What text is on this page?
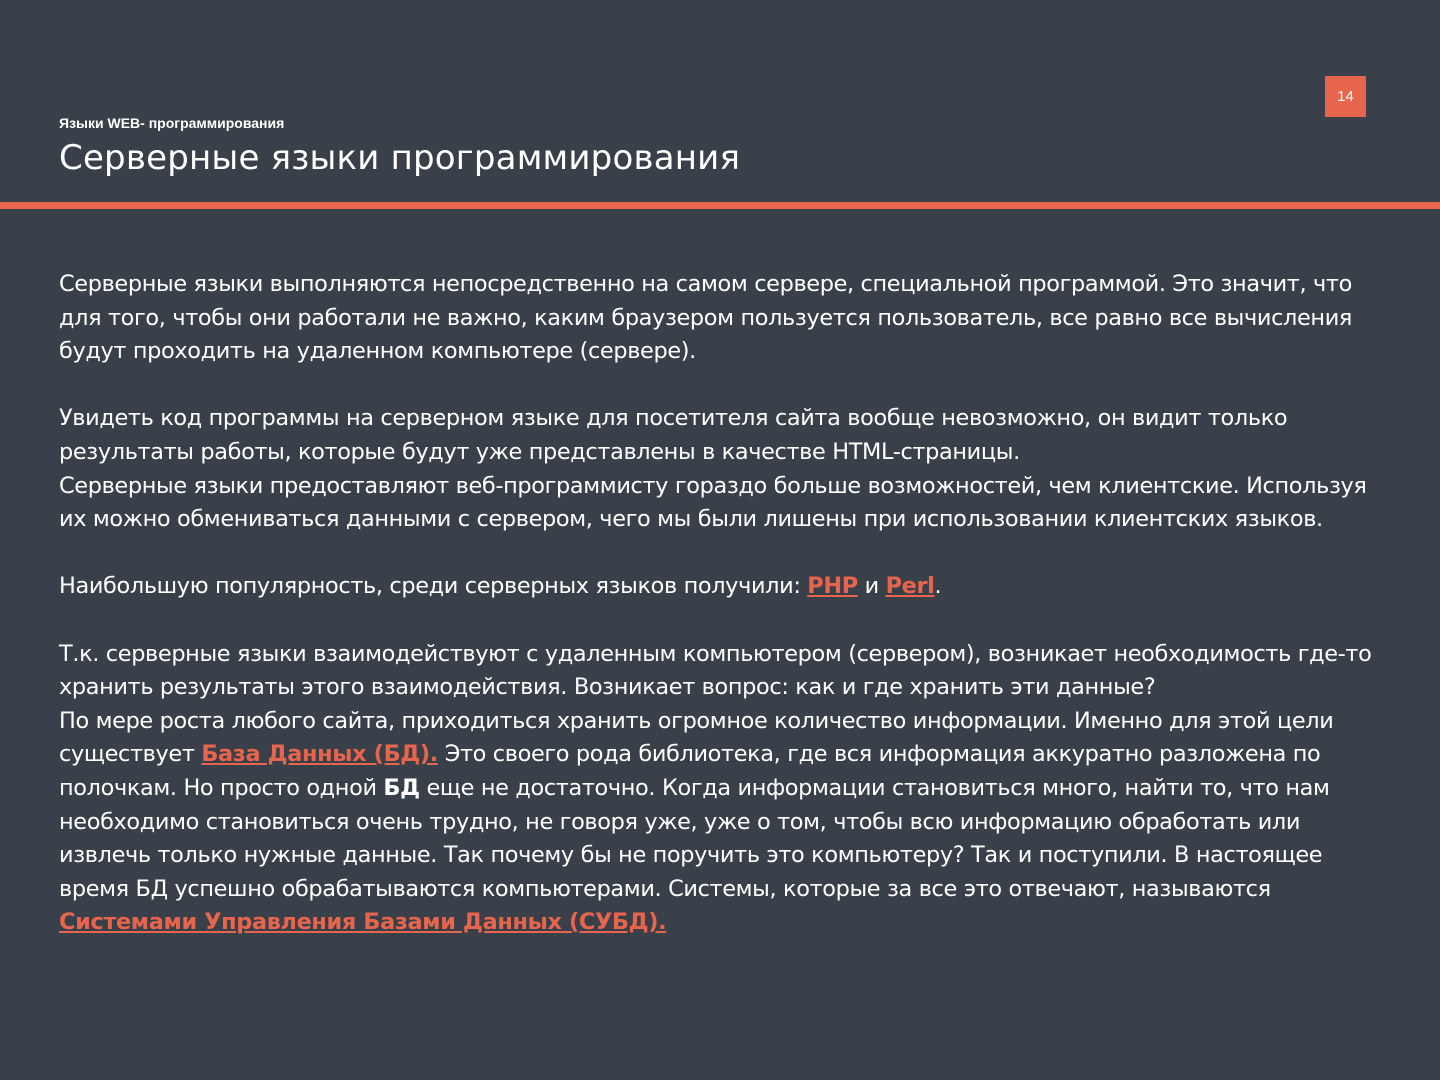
14
Языки WEB- программирования
Серверные языки программирования

Серверные языки выполняются непосредственно на самом сервере, специальной программой. Это значит, что для того, чтобы они работали не важно, каким браузером пользуется пользователь, все равно все вычисления будут проходить на удаленном компьютере (сервере).

Увидеть код программы на серверном языке для посетителя сайта вообще невозможно, он видит только результаты работы, которые будут уже представлены в качестве HTML-страницы.

Серверные языки предоставляют веб-программисту гораздо больше возможностей, чем клиентские. Используя их можно обмениваться данными с сервером, чего мы были лишены при использовании клиентских языков.

Наибольшую популярность, среди серверных языков получили: PHP и Perl.

Т.к. серверные языки взаимодействуют с удаленным компьютером (сервером), возникает необходимость где-то хранить результаты этого взаимодействия. Возникает вопрос: как и где хранить эти данные?

По мере роста любого сайта, приходиться хранить огромное количество информации. Именно для этой цели существует База Данных (БД). Это своего рода библиотека, где вся информация аккуратно разложена по полочкам. Но просто одной БД еще не достаточно. Когда информации становиться много, найти то, что нам необходимо становиться очень трудно, не говоря уже, уже о том, чтобы всю информацию обработать или извлечь только нужные данные. Так почему бы не поручить это компьютеру? Так и поступили. В настоящее время БД успешно обрабатываются компьютерами. Системы, которые за все это отвечают, называются Системами Управления Базами Данных (СУБД).
